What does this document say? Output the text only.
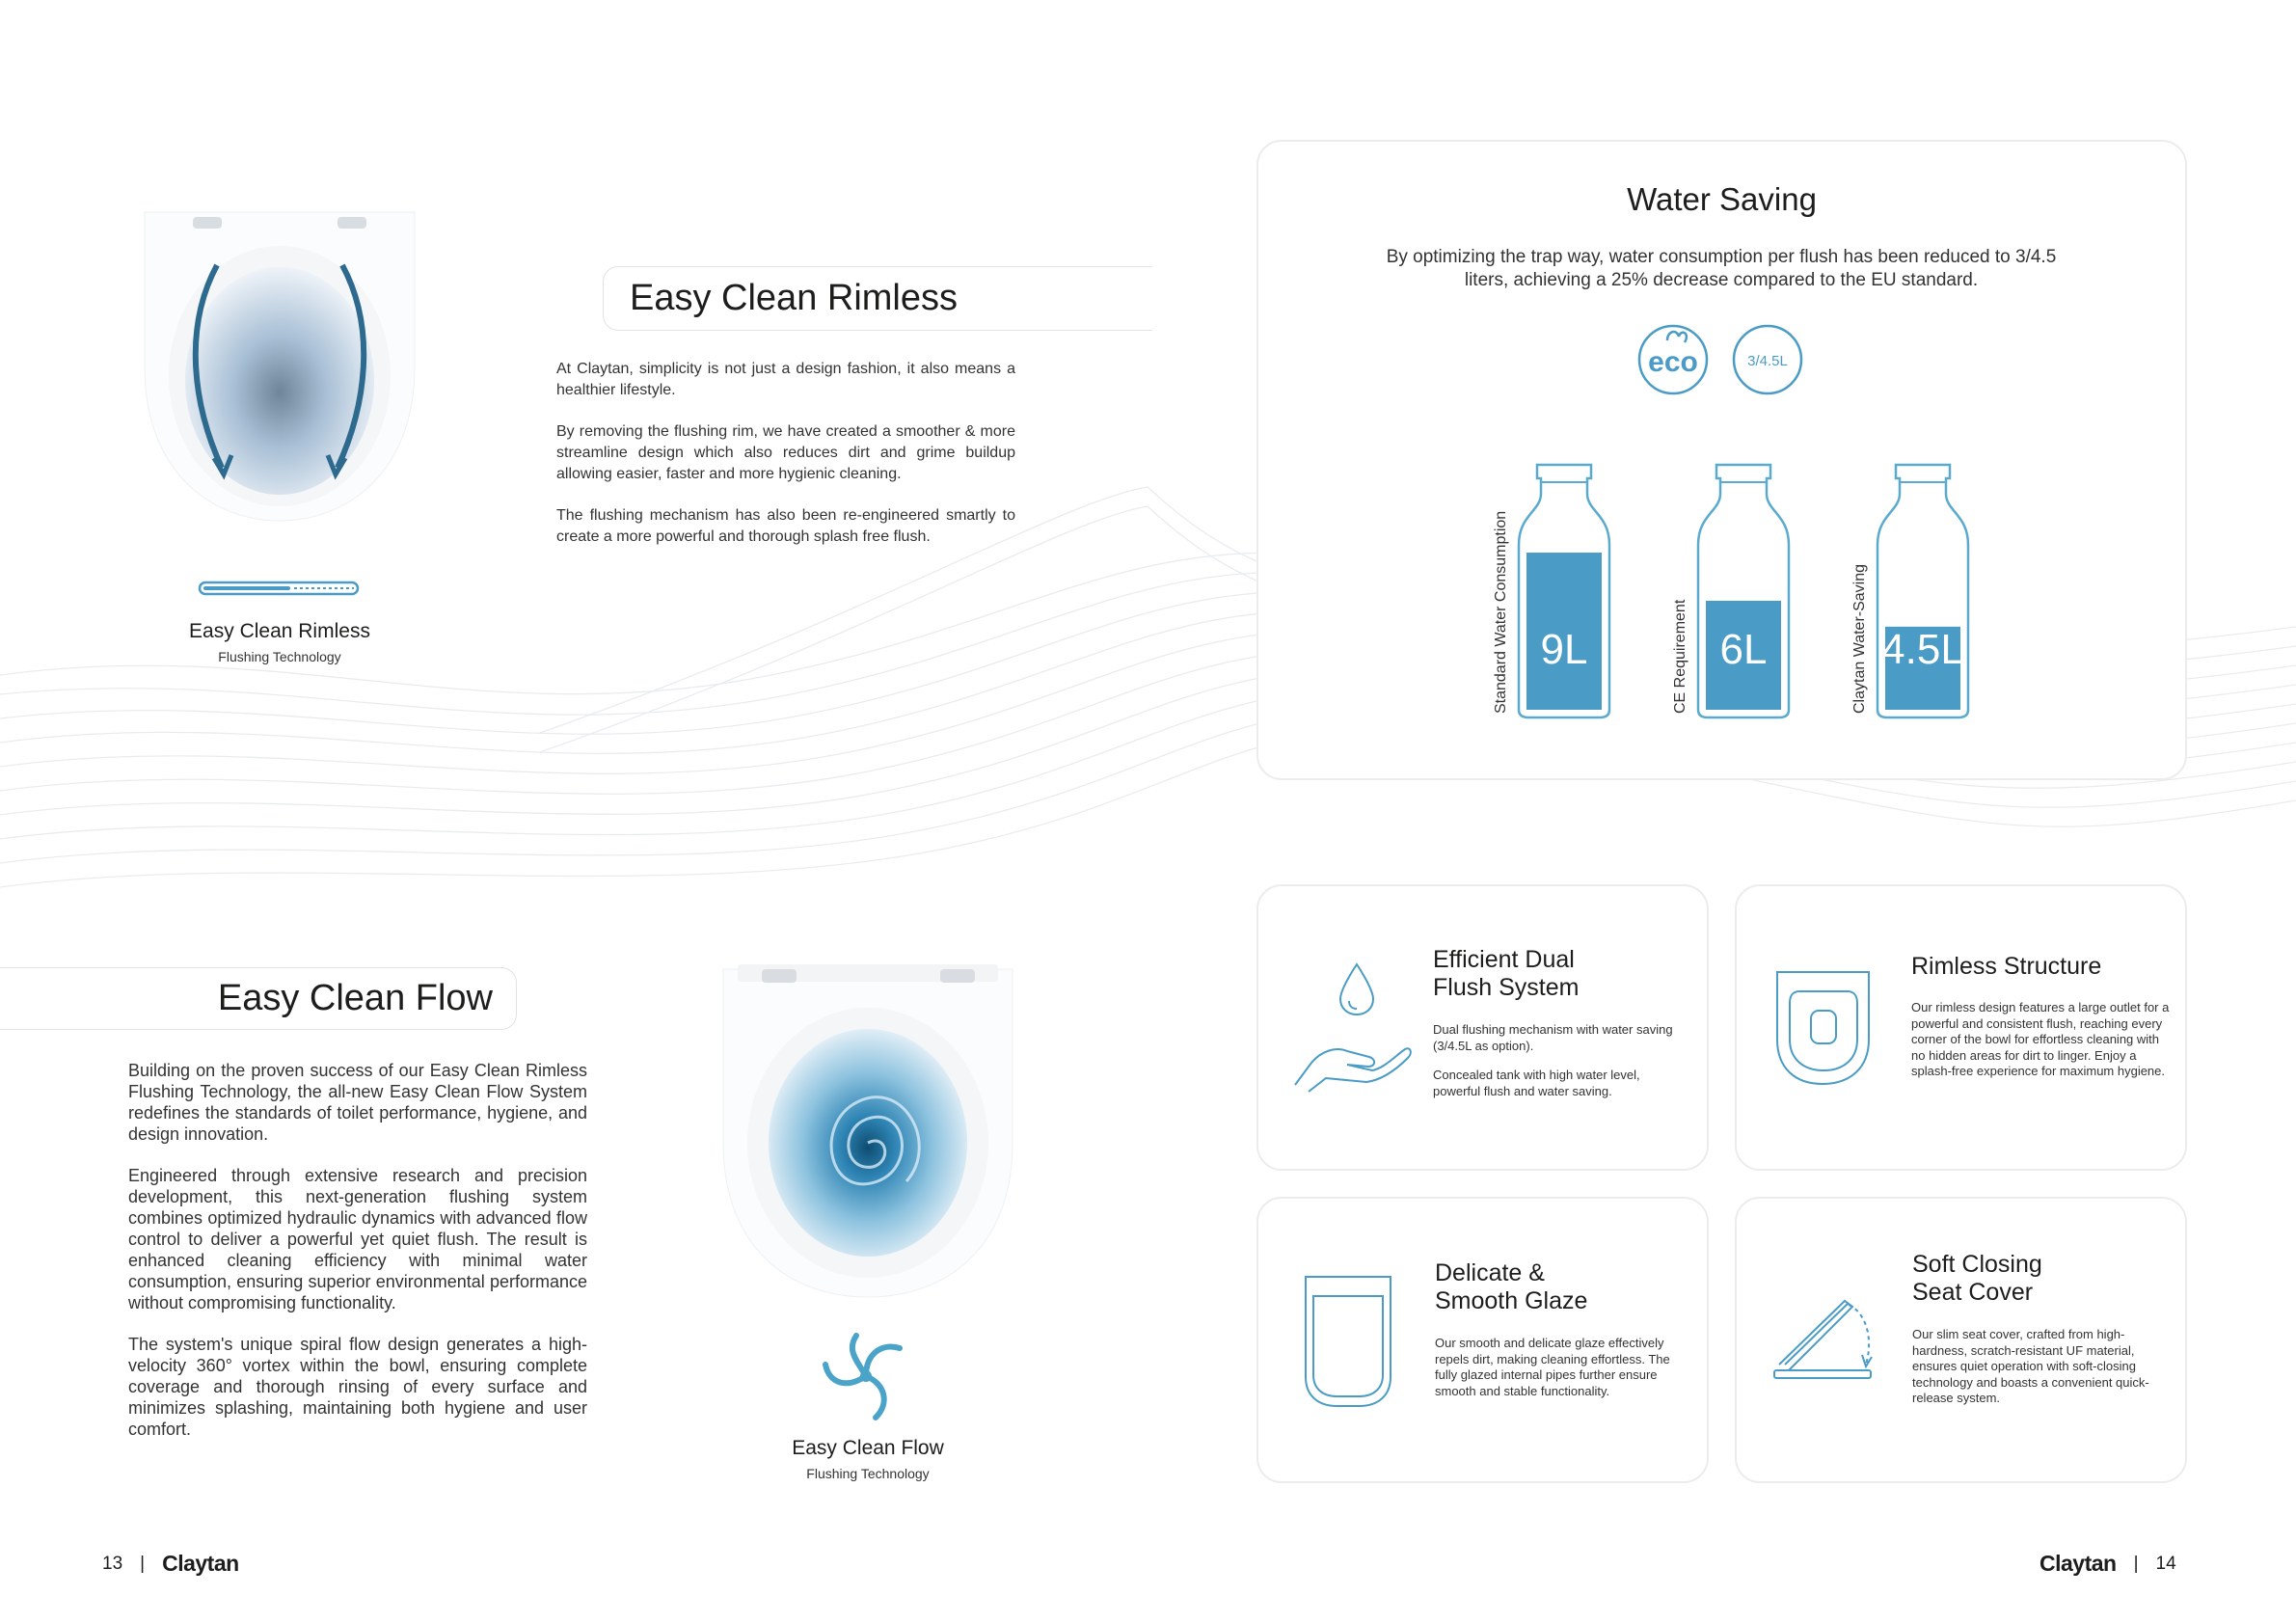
Easy Clean Rimless
Flushing Technology
Easy Clean Rimless

At Claytan, simplicity is not just a design fashion, it also means a healthier lifestyle.

By removing the flushing rim, we have created a smoother & more streamline design which also reduces dirt and grime buildup allowing easier, faster and more hygienic cleaning.

The flushing mechanism has also been re-engineered smartly to create a more powerful and thorough splash free flush.

Easy Clean Flow

Building on the proven success of our Easy Clean Rimless Flushing Technology, the all-new Easy Clean Flow System redefines the standards of toilet performance, hygiene, and design innovation.

Engineered through extensive research and precision development, this next-generation flushing system combines optimized hydraulic dynamics with advanced flow control to deliver a powerful yet quiet flush. The result is enhanced cleaning efficiency with minimal water consumption, ensuring superior environmental performance without compromising functionality.

The system's unique spiral flow design generates a high-velocity 360° vortex within the bowl, ensuring complete coverage and thorough rinsing of every surface and minimizes splashing, maintaining both hygiene and user comfort.

Easy Clean Flow
Flushing Technology
13 | Claytan
Water Saving
By optimizing the trap way, water consumption per flush has been reduced to 3/4.5 liters, achieving a 25% decrease compared to the EU standard.
eco	3/4.5L
9L
Standard Water Consumption	6L
CE Requirement	4.5L
Claytan Water-Saving
Efficient Dual
Flush System

Dual flushing mechanism with water saving (3/4.5L as option).

Concealed tank with high water level, powerful flush and water saving.

Rimless Structure

Our rimless design features a large outlet for a powerful and consistent flush, reaching every corner of the bowl for effortless cleaning with no hidden areas for dirt to linger. Enjoy a splash-free experience for maximum hygiene.

Delicate &
Smooth Glaze

Our smooth and delicate glaze effectively repels dirt, making cleaning effortless. The fully glazed internal pipes further ensure smooth and stable functionality.

Soft Closing
Seat Cover

Our slim seat cover, crafted from high-hardness, scratch-resistant UF material, ensures quiet operation with soft-closing technology and boasts a convenient quick-release system.

Claytan | 14
